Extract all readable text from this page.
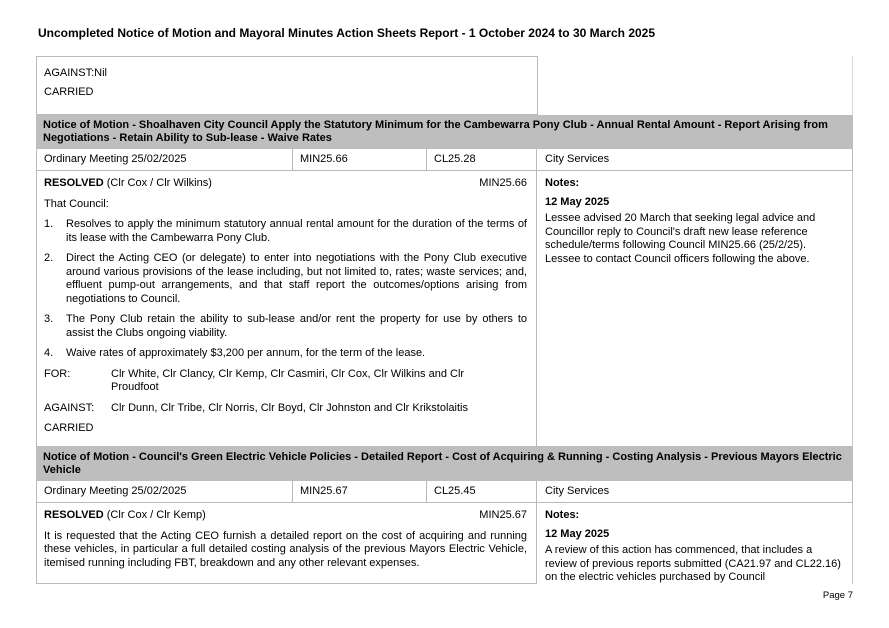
Uncompleted Notice of Motion and Mayoral Minutes Action Sheets Report - 1 October 2024 to 30 March 2025
AGAINST:Nil
CARRIED
Notice of Motion - Shoalhaven City Council Apply the Statutory Minimum for the Cambewarra Pony Club - Annual Rental Amount - Report Arising from Negotiations - Retain Ability to Sub-lease - Waive Rates
Ordinary Meeting 25/02/2025	MIN25.66	CL25.28	City Services
RESOLVED (Clr Cox / Clr Wilkins)	MIN25.66
That Council:
1.	Resolves to apply the minimum statutory annual rental amount for the duration of the terms of its lease with the Cambewarra Pony Club.
2.	Direct the Acting CEO (or delegate) to enter into negotiations with the Pony Club executive around various provisions of the lease including, but not limited to, rates; waste services; and, effluent pump-out arrangements, and that staff report the outcomes/options arising from negotiations to Council.
3.	The Pony Club retain the ability to sub-lease and/or rent the property for use by others to assist the Clubs ongoing viability.
4.	Waive rates of approximately $3,200 per annum, for the term of the lease.
FOR:	Clr White, Clr Clancy, Clr Kemp, Clr Casmiri, Clr Cox, Clr Wilkins and Clr Proudfoot
AGAINST:	Clr Dunn, Clr Tribe, Clr Norris, Clr Boyd, Clr Johnston and Clr Krikstolaitis
CARRIED
Notes:
12 May 2025
Lessee advised 20 March that seeking legal advice and Councillor reply to Council's draft new lease reference schedule/terms following Council MIN25.66 (25/2/25). Lessee to contact Council officers following the above.
Notice of Motion - Council's Green Electric Vehicle Policies - Detailed Report - Cost of Acquiring & Running - Costing Analysis - Previous Mayors Electric Vehicle
Ordinary Meeting 25/02/2025	MIN25.67	CL25.45	City Services
RESOLVED (Clr Cox / Clr Kemp)	MIN25.67
It is requested that the Acting CEO furnish a detailed report on the cost of acquiring and running these vehicles, in particular a full detailed costing analysis of the previous Mayors Electric Vehicle, itemised running including FBT, breakdown and any other relevant expenses.
Notes:
12 May 2025
A review of this action has commenced, that includes a review of previous reports submitted (CA21.97 and CL22.16) on the electric vehicles purchased by Council
Page 7
